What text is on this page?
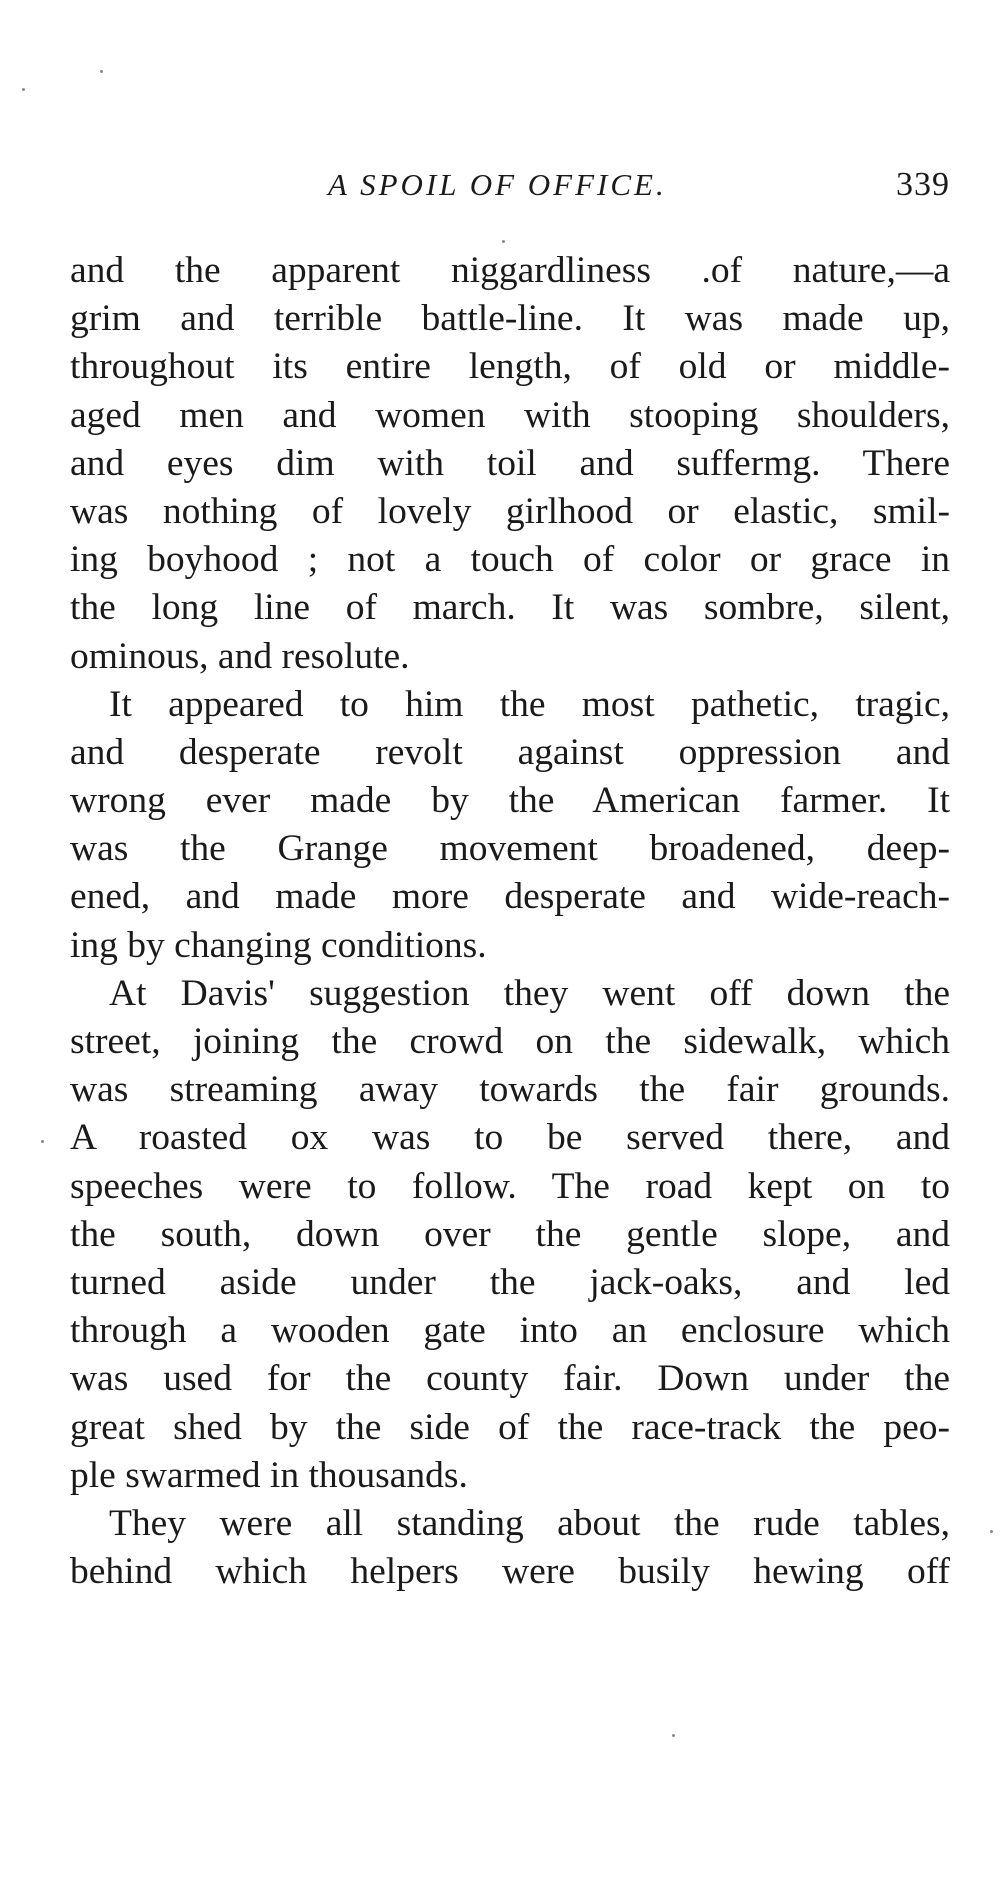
A SPOIL OF OFFICE.	339
and the apparent niggardliness .of nature,—a
grim and terrible battle-line. It was made up,
throughout its entire length, of old or middle-
aged men and women with stooping shoulders,
and eyes dim with toil and suffermg. There
was nothing of lovely girlhood or elastic, smil-
ing boyhood ; not a touch of color or grace in
the long line of march. It was sombre, silent,
ominous, and resolute.
It appeared to him the most pathetic, tragic,
and desperate revolt against oppression and
wrong ever made by the American farmer. It
was the Grange movement broadened, deep-
ened, and made more desperate and wide-reach-
ing by changing conditions.
At Davis' suggestion they went off down the
street, joining the crowd on the sidewalk, which
was streaming away towards the fair grounds.
A roasted ox was to be served there, and
speeches were to follow. The road kept on to
the south, down over the gentle slope, and
turned aside under the jack-oaks, and led
through a wooden gate into an enclosure which
was used for the county fair. Down under the
great shed by the side of the race-track the peo-
ple swarmed in thousands.
They were all standing about the rude tables,
behind which helpers were busily hewing off
